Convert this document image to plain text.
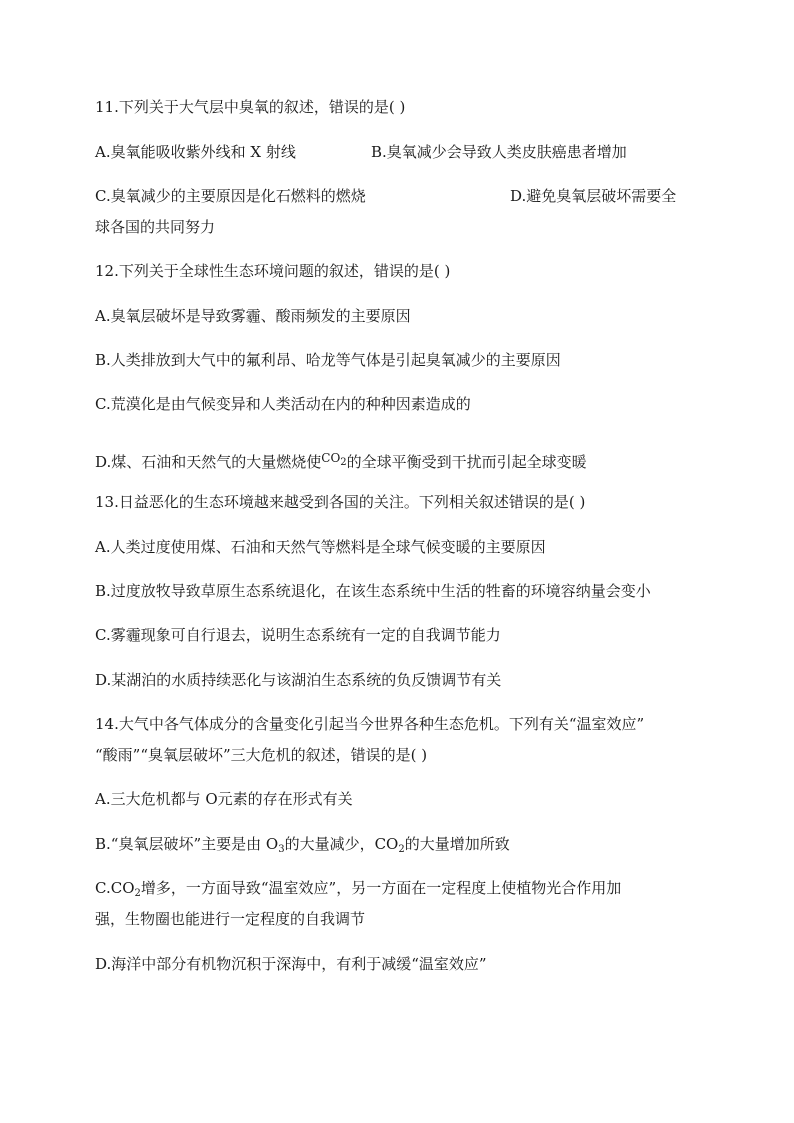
11.下列关于大气层中臭氧的叙述，错误的是( )
A.臭氧能吸收紫外线和 X 射线	B.臭氧减少会导致人类皮肤癌患者增加
C.臭氧减少的主要原因是化石燃料的燃烧	D.避免臭氧层破坏需要全
球各国的共同努力
12.下列关于全球性生态环境问题的叙述，错误的是( )
A.臭氧层破坏是导致雾霾、酸雨频发的主要原因
B.人类排放到大气中的氟利昂、哈龙等气体是引起臭氧减少的主要原因
C.荒漠化是由气候变异和人类活动在内的种种因素造成的
D.煤、石油和天然气的大量燃烧使$^{CO_2}$的全球平衡受到干扰而引起全球变暖
13.日益恶化的生态环境越来越受到各国的关注。下列相关叙述错误的是( )
A.人类过度使用煤、石油和天然气等燃料是全球气候变暖的主要原因
B.过度放牧导致草原生态系统退化，在该生态系统中生活的牲畜的环境容纳量会变小
C.雾霾现象可自行退去，说明生态系统有一定的自我调节能力
D.某湖泊的水质持续恶化与该湖泊生态系统的负反馈调节有关
14.大气中各气体成分的含量变化引起当今世界各种生态危机。下列有关“温室效应”
“酸雨”“臭氧层破坏”三大危机的叙述，错误的是( )
A.三大危机都与 O元素的存在形式有关
B.“臭氧层破坏”主要是由 $O_3$的大量减少，$CO_2$的大量增加所致
$C.CO_2$增多，一方面导致“温室效应”，另一方面在一定程度上使植物光合作用加
强，生物圈也能进行一定程度的自我调节
D.海洋中部分有机物沉积于深海中，有利于减缓“温室效应”
